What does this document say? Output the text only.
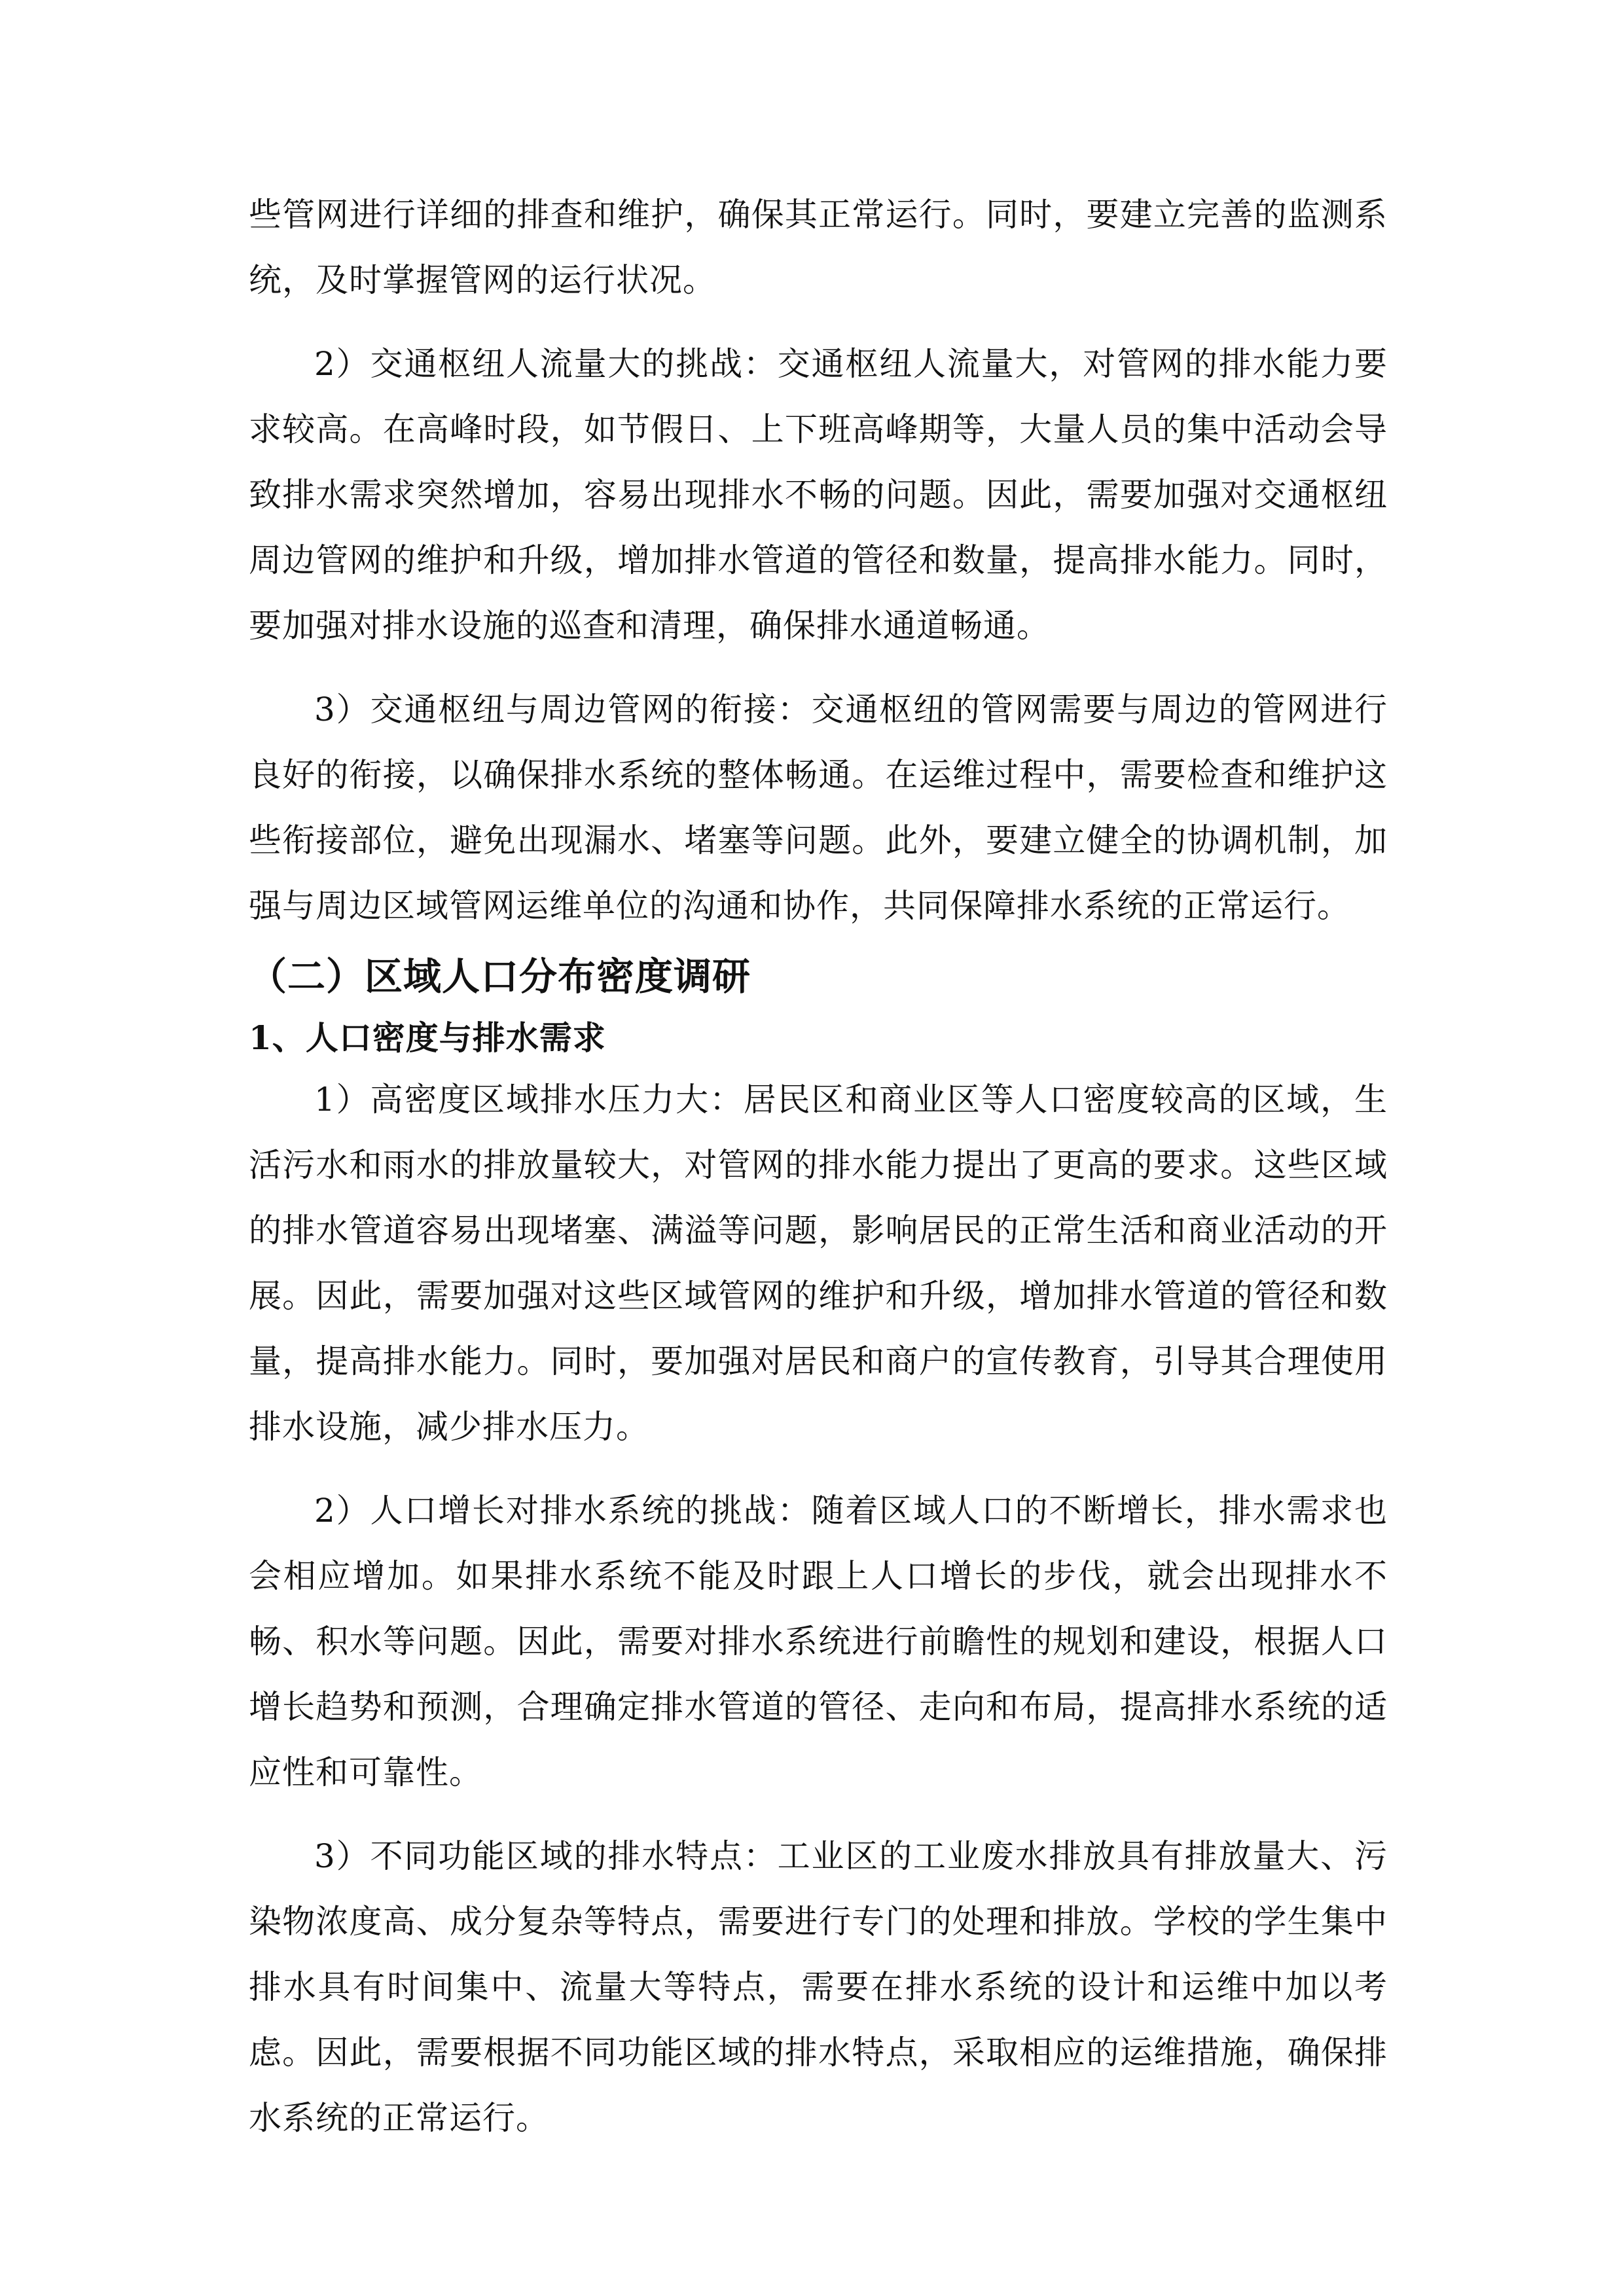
些管网进行详细的排查和维护，确保其正常运行。同时，要建立完善的监测系统，及时掌握管网的运行状况。

2）交通枢纽人流量大的挑战：交通枢纽人流量大，对管网的排水能力要求较高。在高峰时段，如节假日、上下班高峰期等，大量人员的集中活动会导致排水需求突然增加，容易出现排水不畅的问题。因此，需要加强对交通枢纽周边管网的维护和升级，增加排水管道的管径和数量，提高排水能力。同时，要加强对排水设施的巡查和清理，确保排水通道畅通。

3）交通枢纽与周边管网的衔接：交通枢纽的管网需要与周边的管网进行良好的衔接，以确保排水系统的整体畅通。在运维过程中，需要检查和维护这些衔接部位，避免出现漏水、堵塞等问题。此外，要建立健全的协调机制，加强与周边区域管网运维单位的沟通和协作，共同保障排水系统的正常运行。

（二）区域人口分布密度调研
1、人口密度与排水需求

1）高密度区域排水压力大：居民区和商业区等人口密度较高的区域，生活污水和雨水的排放量较大，对管网的排水能力提出了更高的要求。这些区域的排水管道容易出现堵塞、满溢等问题，影响居民的正常生活和商业活动的开展。因此，需要加强对这些区域管网的维护和升级，增加排水管道的管径和数量，提高排水能力。同时，要加强对居民和商户的宣传教育，引导其合理使用排水设施，减少排水压力。

2）人口增长对排水系统的挑战：随着区域人口的不断增长，排水需求也会相应增加。如果排水系统不能及时跟上人口增长的步伐，就会出现排水不畅、积水等问题。因此，需要对排水系统进行前瞻性的规划和建设，根据人口增长趋势和预测，合理确定排水管道的管径、走向和布局，提高排水系统的适应性和可靠性。

3）不同功能区域的排水特点：工业区的工业废水排放具有排放量大、污染物浓度高、成分复杂等特点，需要进行专门的处理和排放。学校的学生集中排水具有时间集中、流量大等特点，需要在排水系统的设计和运维中加以考虑。因此，需要根据不同功能区域的排水特点，采取相应的运维措施，确保排水系统的正常运行。
